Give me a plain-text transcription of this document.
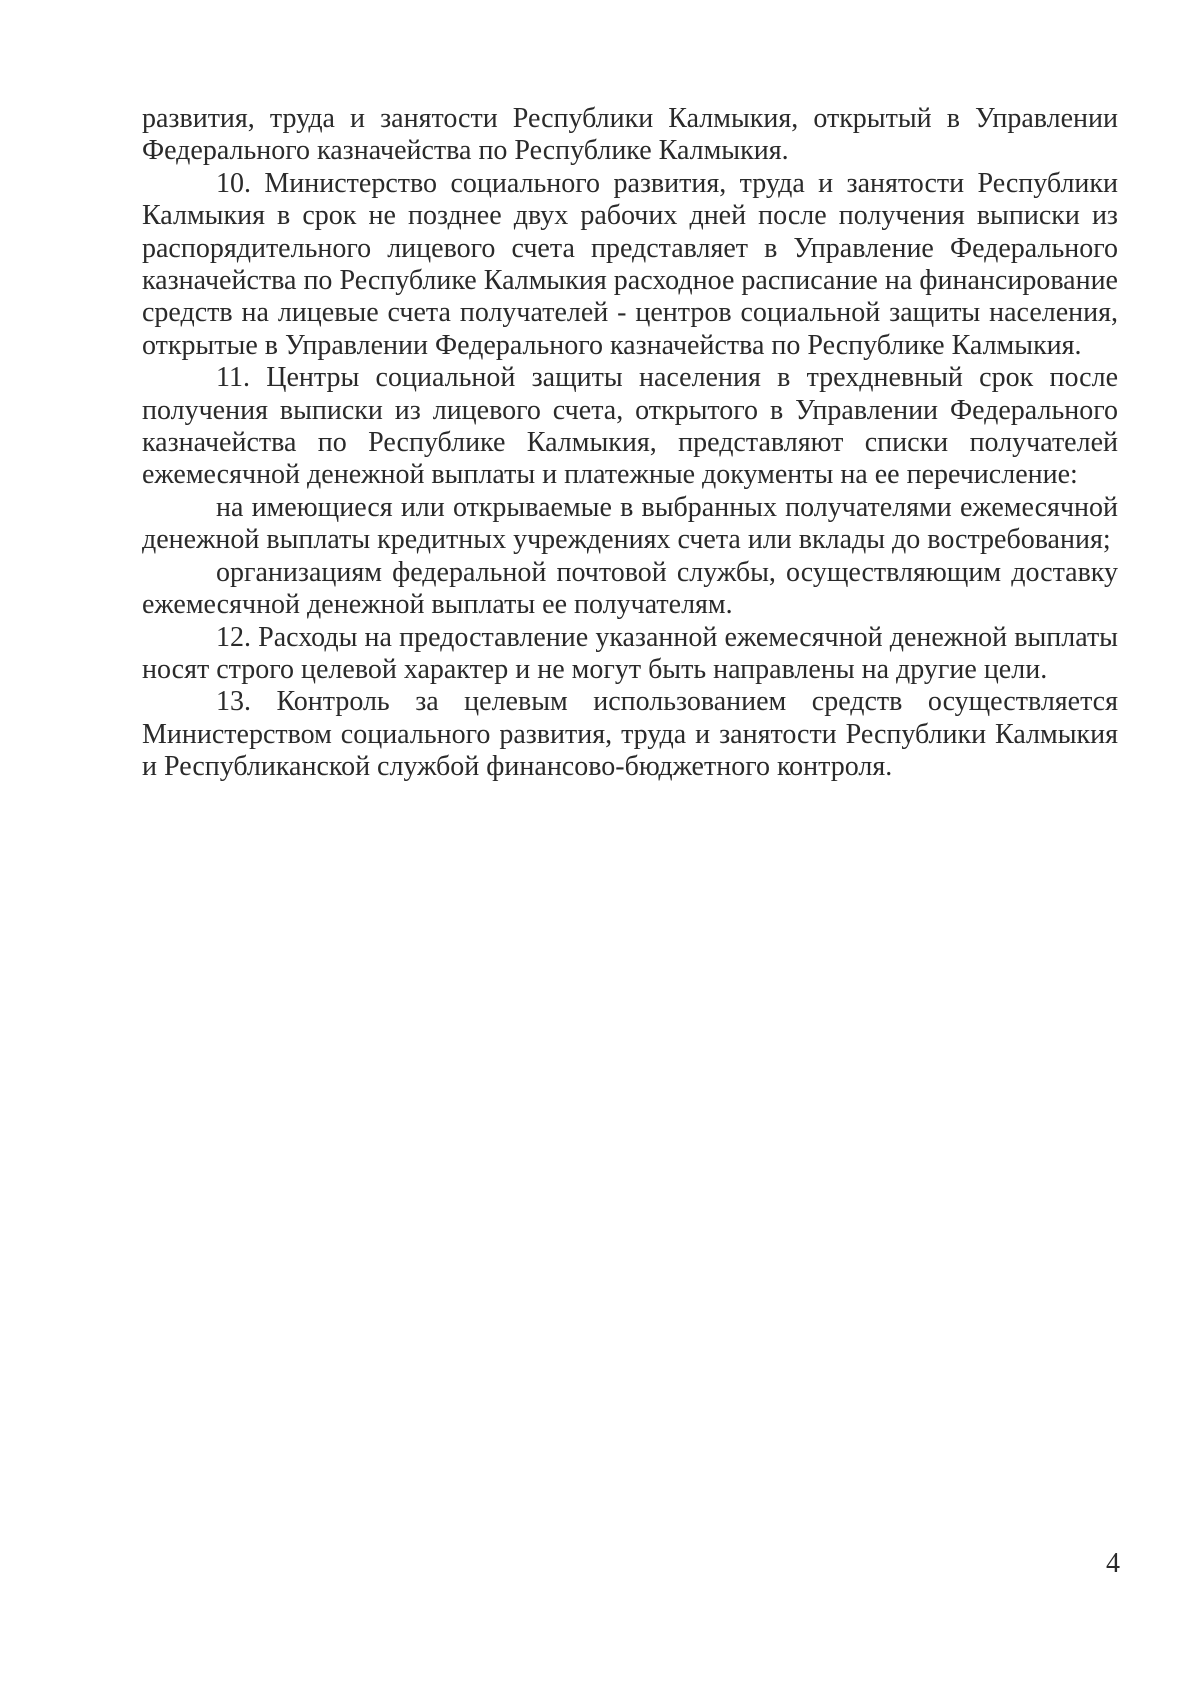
развития, труда и занятости Республики Калмыкия, открытый в Управлении Федерального казначейства по Республике Калмыкия.

10. Министерство социального развития, труда и занятости Республики Калмыкия в срок не позднее двух рабочих дней после получения выписки из распорядительного лицевого счета представляет в Управление Федерального казначейства по Республике Калмыкия расходное расписание на финансирование средств на лицевые счета получателей - центров социальной защиты населения, открытые в Управлении Федерального казначейства по Республике Калмыкия.

11. Центры социальной защиты населения в трехдневный срок после получения выписки из лицевого счета, открытого в Управлении Федерального казначейства по Республике Калмыкия, представляют списки получателей ежемесячной денежной выплаты и платежные документы на ее перечисление:

на имеющиеся или открываемые в выбранных получателями ежемесячной денежной выплаты кредитных учреждениях счета или вклады до востребования;

организациям федеральной почтовой службы, осуществляющим доставку ежемесячной денежной выплаты ее получателям.

12. Расходы на предоставление указанной ежемесячной денежной выплаты носят строго целевой характер и не могут быть направлены на другие цели.

13. Контроль за целевым использованием средств осуществляется Министерством социального развития, труда и занятости Республики Калмыкия и Республиканской службой финансово-бюджетного контроля.

4
